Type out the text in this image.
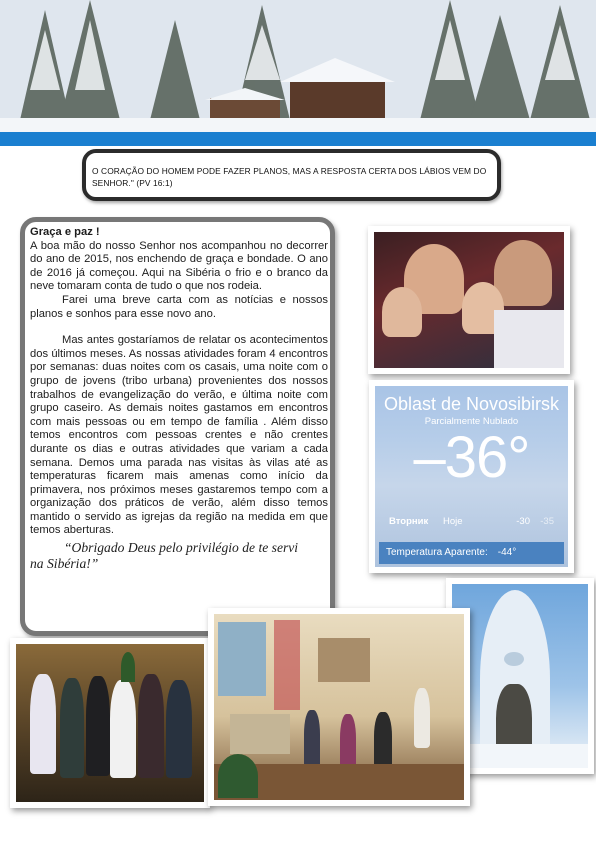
O CORAÇÃO DO HOMEM PODE FAZER PLANOS, MAS A RESPOSTA CERTA DOS LÁBIOS VEM DO SENHOR." (PV 16:1)

Graça e paz !

A boa mão do nosso Senhor nos acompanhou no decorrer do ano de 2015, nos enchendo de graça e bondade. O ano de 2016 já começou. Aqui na Sibéria o frio e o branco da neve tomaram conta de tudo o que nos rodeia.

Farei uma breve carta com as notícias e nossos planos e sonhos para esse novo ano.

Mas antes gostaríamos de relatar os acontecimentos dos últimos meses. As nossas atividades foram 4 encontros por semanas: duas noites com os casais, uma noite com o grupo de jovens (tribo urbana) provenientes dos nossos trabalhos de evangelização do verão, e última noite com grupo caseiro. As demais noites gastamos em encontros com mais pessoas ou em tempo de família . Além disso temos encontros com pessoas crentes e não crentes durante os dias e outras atividades que variam a cada semana. Demos uma parada nas visitas às vilas até as temperaturas ficarem mais amenas como início da primavera, nos próximos meses gastaremos tempo com a organização dos práticos de verão, além disso temos mantido o servido as igrejas da região na medida em que temos aberturas.

“Obrigado Deus pelo privilégio de te servi
na Sibéria!”
Oblast de Novosibirsk
Parcialmente Nublado
–36°
Вторник Hoje	-30 -35
Temperatura Aparente: -44°
